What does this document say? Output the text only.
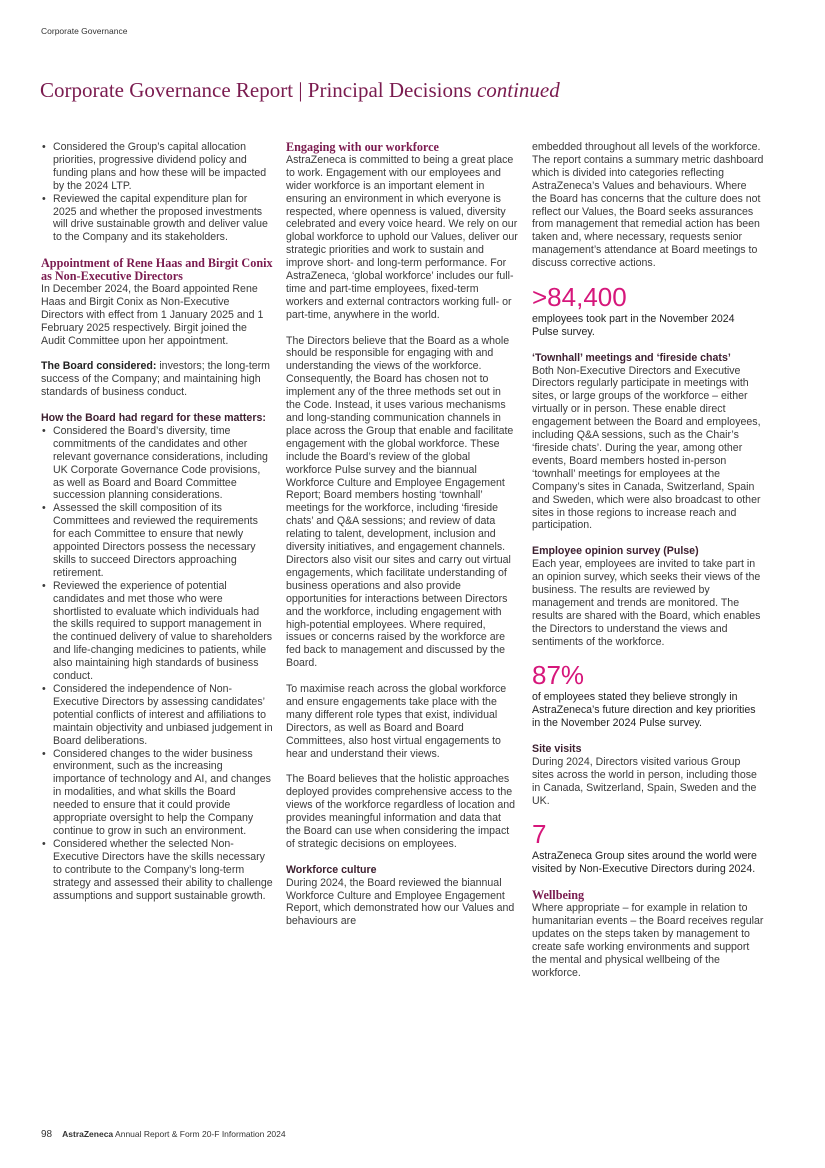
Corporate Governance
Corporate Governance Report | Principal Decisions continued
• Considered the Group’s capital allocation priorities, progressive dividend policy and funding plans and how these will be impacted by the 2024 LTP.
• Reviewed the capital expenditure plan for 2025 and whether the proposed investments will drive sustainable growth and deliver value to the Company and its stakeholders.
Appointment of Rene Haas and Birgit Conix as Non-Executive Directors

In December 2024, the Board appointed Rene Haas and Birgit Conix as Non-Executive Directors with effect from 1 January 2025 and 1 February 2025 respectively. Birgit joined the Audit Committee upon her appointment.

The Board considered: investors; the long-term success of the Company; and maintaining high standards of business conduct.

How the Board had regard for these matters:
• Considered the Board’s diversity, time commitments of the candidates and other relevant governance considerations, including UK Corporate Governance Code provisions, as well as Board and Board Committee succession planning considerations.
• Assessed the skill composition of its Committees and reviewed the requirements for each Committee to ensure that newly appointed Directors possess the necessary skills to succeed Directors approaching retirement.
• Reviewed the experience of potential candidates and met those who were shortlisted to evaluate which individuals had the skills required to support management in the continued delivery of value to shareholders and life-changing medicines to patients, while also maintaining high standards of business conduct.
• Considered the independence of Non-Executive Directors by assessing candidates’ potential conflicts of interest and affiliations to maintain objectivity and unbiased judgement in Board deliberations.
• Considered changes to the wider business environment, such as the increasing importance of technology and AI, and changes in modalities, and what skills the Board needed to ensure that it could provide appropriate oversight to help the Company continue to grow in such an environment.
• Considered whether the selected Non-Executive Directors have the skills necessary to contribute to the Company’s long-term strategy and assessed their ability to challenge assumptions and support sustainable growth.
Engaging with our workforce

AstraZeneca is committed to being a great place to work. Engagement with our employees and wider workforce is an important element in ensuring an environment in which everyone is respected, where openness is valued, diversity celebrated and every voice heard. We rely on our global workforce to uphold our Values, deliver our strategic priorities and work to sustain and improve short- and long-term performance. For AstraZeneca, ‘global workforce’ includes our full-time and part-time employees, fixed-term workers and external contractors working full- or part-time, anywhere in the world.

The Directors believe that the Board as a whole should be responsible for engaging with and understanding the views of the workforce. Consequently, the Board has chosen not to implement any of the three methods set out in the Code. Instead, it uses various mechanisms and long-standing communication channels in place across the Group that enable and facilitate engagement with the global workforce. These include the Board’s review of the global workforce Pulse survey and the biannual Workforce Culture and Employee Engagement Report; Board members hosting ‘townhall’ meetings for the workforce, including ‘fireside chats’ and Q&A sessions; and review of data relating to talent, development, inclusion and diversity initiatives, and engagement channels. Directors also visit our sites and carry out virtual engagements, which facilitate understanding of business operations and also provide opportunities for interactions between Directors and the workforce, including engagement with high-potential employees. Where required, issues or concerns raised by the workforce are fed back to management and discussed by the Board.

To maximise reach across the global workforce and ensure engagements take place with the many different role types that exist, individual Directors, as well as Board and Board Committees, also host virtual engagements to hear and understand their views.

The Board believes that the holistic approaches deployed provides comprehensive access to the views of the workforce regardless of location and provides meaningful information and data that the Board can use when considering the impact of strategic decisions on employees.

Workforce culture

During 2024, the Board reviewed the biannual Workforce Culture and Employee Engagement Report, which demonstrated how our Values and behaviours are

embedded throughout all levels of the workforce. The report contains a summary metric dashboard which is divided into categories reflecting AstraZeneca’s Values and behaviours. Where the Board has concerns that the culture does not reflect our Values, the Board seeks assurances from management that remedial action has been taken and, where necessary, requests senior management’s attendance at Board meetings to discuss corrective actions.

>84,400

employees took part in the November 2024 Pulse survey.

‘Townhall’ meetings and ‘fireside chats’

Both Non-Executive Directors and Executive Directors regularly participate in meetings with sites, or large groups of the workforce – either virtually or in person. These enable direct engagement between the Board and employees, including Q&A sessions, such as the Chair’s ‘fireside chats’. During the year, among other events, Board members hosted in-person ‘townhall’ meetings for employees at the Company’s sites in Canada, Switzerland, Spain and Sweden, which were also broadcast to other sites in those regions to increase reach and participation.

Employee opinion survey (Pulse)

Each year, employees are invited to take part in an opinion survey, which seeks their views of the business. The results are reviewed by management and trends are monitored. The results are shared with the Board, which enables the Directors to understand the views and sentiments of the workforce.

87%

of employees stated they believe strongly in AstraZeneca’s future direction and key priorities in the November 2024 Pulse survey.

Site visits

During 2024, Directors visited various Group sites across the world in person, including those in Canada, Switzerland, Spain, Sweden and the UK.

7

AstraZeneca Group sites around the world were visited by Non-Executive Directors during 2024.

Wellbeing

Where appropriate – for example in relation to humanitarian events – the Board receives regular updates on the steps taken by management to create safe working environments and support the mental and physical wellbeing of the workforce.

98 AstraZeneca Annual Report & Form 20-F Information 2024
